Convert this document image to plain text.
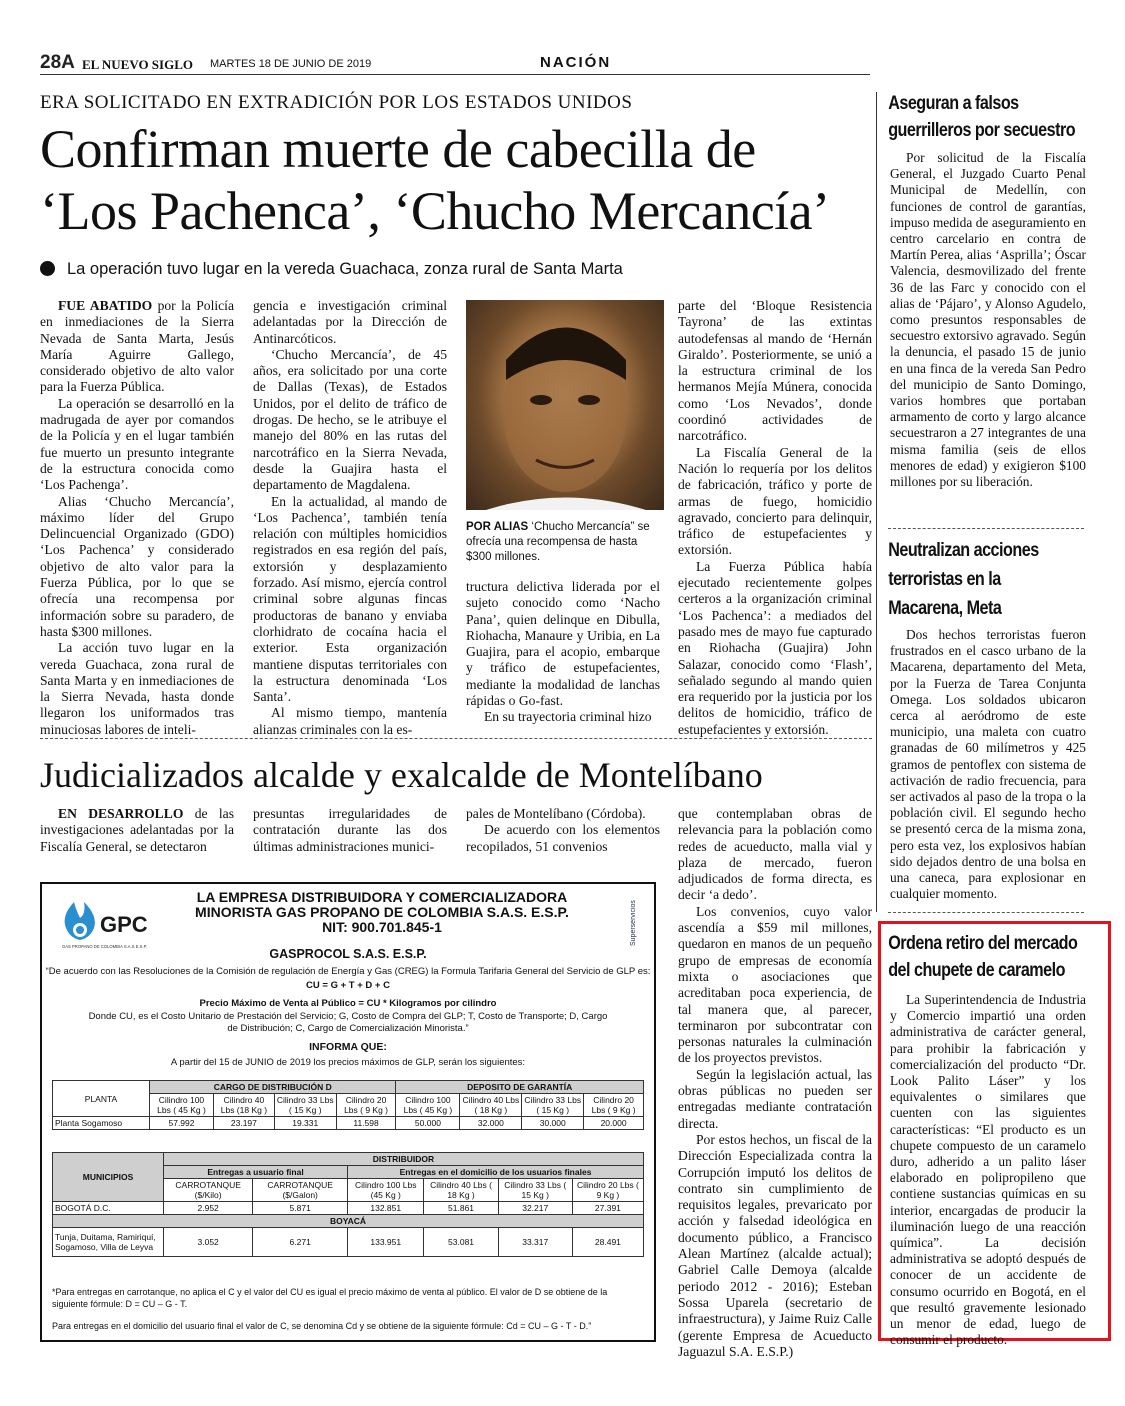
28A EL NUEVO SIGLO MARTES 18 DE JUNIO DE 2019	NACIÓN
ERA SOLICITADO EN EXTRADICIÓN POR LOS ESTADOS UNIDOS
Confirman muerte de cabecilla de
‘Los Pachenca’, ‘Chucho Mercancía’
La operación tuvo lugar en la vereda Guachaca, zonza rural de Santa Marta

FUE ABATIDO por la Policía en inmediaciones de la Sierra Nevada de Santa Marta, Jesús María Aguirre Gallego, considerado objetivo de alto valor para la Fuerza Pública.

La operación se desarrolló en la madrugada de ayer por comandos de la Policía y en el lugar también fue muerto un presunto integrante de la estructura conocida como ‘Los Pachenga’.

Alias ‘Chucho Mercancía’, máximo líder del Grupo Delincuencial Organizado (GDO) ‘Los Pachenca’ y considerado objetivo de alto valor para la Fuerza Pública, por lo que se ofrecía una recompensa por información sobre su paradero, de hasta $300 millones.

La acción tuvo lugar en la vereda Guachaca, zona rural de Santa Marta y en inmediaciones de la Sierra Nevada, hasta donde llegaron los uniformados tras minuciosas labores de inteli-

gencia e investigación criminal adelantadas por la Dirección de Antinarcóticos.

‘Chucho Mercancía’, de 45 años, era solicitado por una corte de Dallas (Texas), de Estados Unidos, por el delito de tráfico de drogas. De hecho, se le atribuye el manejo del 80% en las rutas del narcotráfico en la Sierra Nevada, desde la Guajira hasta el departamento de Magdalena.

En la actualidad, al mando de ‘Los Pachenca’, también tenía relación con múltiples homicidios registrados en esa región del país, extorsión y desplazamiento forzado. Así mismo, ejercía control criminal sobre algunas fincas productoras de banano y enviaba clorhidrato de cocaína hacia el exterior. Esta organización mantiene disputas territoriales con la estructura denominada ‘Los Santa’.

Al mismo tiempo, mantenía alianzas criminales con la es-

POR ALIAS ‘Chucho Mercancía” se ofrecía una recompensa de hasta $300 millones.

tructura delictiva liderada por el sujeto conocido como ‘Nacho Pana’, quien delinque en Dibulla, Riohacha, Manaure y Uribia, en La Guajira, para el acopio, embarque y tráfico de estupefacientes, mediante la modalidad de lanchas rápidas o Go-fast.

En su trayectoria criminal hizo

parte del ‘Bloque Resistencia Tayrona’ de las extintas autodefensas al mando de ‘Hernán Giraldo’. Posteriormente, se unió a la estructura criminal de los hermanos Mejía Múnera, conocida como ‘Los Nevados’, donde coordinó actividades de narcotráfico.

La Fiscalía General de la Nación lo requería por los delitos de fabricación, tráfico y porte de armas de fuego, homicidio agravado, concierto para delinquir, tráfico de estupefacientes y extorsión.

La Fuerza Pública había ejecutado recientemente golpes certeros a la organización criminal ‘Los Pachenca’: a mediados del pasado mes de mayo fue capturado en Riohacha (Guajira) John Salazar, conocido como ‘Flash’, señalado segundo al mando quien era requerido por la justicia por los delitos de homicidio, tráfico de estupefacientes y extorsión.

Judicializados alcalde y exalcalde de Montelíbano

EN DESARROLLO de las investigaciones adelantadas por la Fiscalía General, se detectaron

presuntas irregularidades de contratación durante las dos últimas administraciones munici-

pales de Montelíbano (Córdoba).

De acuerdo con los elementos recopilados, 51 convenios

que contemplaban obras de relevancia para la población como redes de acueducto, malla vial y plaza de mercado, fueron adjudicados de forma directa, es decir ‘a dedo’.

Los convenios, cuyo valor ascendía a $59 mil millones, quedaron en manos de un pequeño grupo de empresas de economía mixta o asociaciones que acreditaban poca experiencia, de tal manera que, al parecer, terminaron por subcontratar con personas naturales la culminación de los proyectos previstos.

Según la legislación actual, las obras públicas no pueden ser entregadas mediante contratación directa.

Por estos hechos, un fiscal de la Dirección Especializada contra la Corrupción imputó los delitos de contrato sin cumplimiento de requisitos legales, prevaricato por acción y falsedad ideológica en documento público, a Francisco Alean Martínez (alcalde actual); Gabriel Calle Demoya (alcalde periodo 2012 - 2016); Esteban Sossa Uparela (secretario de infraestructura), y Jaime Ruiz Calle (gerente Empresa de Acueducto Jaguazul S.A. E.S.P.)

GPC
GAS PROPANO DE COLOMBIA S.A.S E.S.P.
Superservicios
LA EMPRESA DISTRIBUIDORA Y COMERCIALIZADORA
MINORISTA GAS PROPANO DE COLOMBIA S.A.S. E.S.P.
NIT: 900.701.845-1
GASPROCOL S.A.S. E.S.P.
“De acuerdo con las Resoluciones de la Comisión de regulación de Energía y Gas (CREG) la Formula Tarifaria General del Servicio de GLP es:
CU = G + T + D + C
Precio Máximo de Venta al Público = CU * Kilogramos por cilindro
Donde CU, es el Costo Unitario de Prestación del Servicio; G, Costo de Compra del GLP; T, Costo de Transporte; D, Cargo de Distribución; C, Cargo de Comercialización Minorista.”
INFORMA QUE:
A partir del 15 de JUNIO de 2019 los precios máximos de GLP, serán los siguientes:
PLANTA	CARGO DE DISTRIBUCIÓN D				DEPOSITO DE GARANTÍA			
	Cilindro 100 Lbs ( 45 Kg )	Cilindro 40 Lbs (18 Kg )	Cilindro 33 Lbs ( 15 Kg )	Cilindro 20 Lbs ( 9 Kg )	Cilindro 100 Lbs ( 45 Kg )	Cilindro 40 Lbs ( 18 Kg )	Cilindro 33 Lbs ( 15 Kg )	Cilindro 20 Lbs ( 9 Kg )
Planta Sogamoso	57.992	23.197	19.331	11.598	50.000	32.000	30.000	20.000
MUNICIPIOS	DISTRIBUIDOR					
	Entregas a usuario final		Entregas en el domicilio de los usuarios finales			
	CARROTANQUE ($/Kilo)	CARROTANQUE ($/Galon)	Cilindro 100 Lbs (45 Kg )	Cilindro 40 Lbs ( 18 Kg )	Cilindro 33 Lbs ( 15 Kg )	Cilindro 20 Lbs ( 9 Kg )
BOGOTÁ D.C.	2.952	5.871	132.851	51.861	32.217	27.391
BOYACÁ						
Tunja, Duitama, Ramiriquí, Sogamoso, Villa de Leyva	3.052	6.271	133.951	53.081	33.317	28.491
*Para entregas en carrotanque, no aplica el C y el valor del CU es igual el precio máximo de venta al público. El valor de D se obtiene de la siguiente fórmule: D = CU – G - T.
Para entregas en el domicilio del usuario final el valor de C, se denomina Cd y se obtiene de la siguiente fórmule: Cd = CU – G - T - D.”
Aseguran a falsos
guerrilleros por secuestro

Por solicitud de la Fiscalía General, el Juzgado Cuarto Penal Municipal de Medellín, con funciones de control de garantías, impuso medida de aseguramiento en centro carcelario en contra de Martín Perea, alias ‘Asprilla’; Óscar Valencia, desmovilizado del frente 36 de las Farc y conocido con el alias de ‘Pájaro’, y Alonso Agudelo, como presuntos responsables de secuestro extorsivo agravado. Según la denuncia, el pasado 15 de junio en una finca de la vereda San Pedro del municipio de Santo Domingo, varios hombres que portaban armamento de corto y largo alcance secuestraron a 27 integrantes de una misma familia (seis de ellos menores de edad) y exigieron $100 millones por su liberación.

Neutralizan acciones
terroristas en la
Macarena, Meta

Dos hechos terroristas fueron frustrados en el casco urbano de la Macarena, departamento del Meta, por la Fuerza de Tarea Conjunta Omega. Los soldados ubicaron cerca al aeródromo de este municipio, una maleta con cuatro granadas de 60 milímetros y 425 gramos de pentoflex con sistema de activación de radio frecuencia, para ser activados al paso de la tropa o la población civil. El segundo hecho se presentó cerca de la misma zona, pero esta vez, los explosivos habían sido dejados dentro de una bolsa en una caneca, para explosionar en cualquier momento.

Ordena retiro del mercado
del chupete de caramelo

La Superintendencia de Industria y Comercio impartió una orden administrativa de carácter general, para prohibir la fabricación y comercialización del producto “Dr. Look Palito Láser” y los equivalentes o similares que cuenten con las siguientes características: “El producto es un chupete compuesto de un caramelo duro, adherido a un palito láser elaborado en polipropileno que contiene sustancias químicas en su interior, encargadas de producir la iluminación luego de una reacción química”. La decisión administrativa se adoptó después de conocer de un accidente de consumo ocurrido en Bogotá, en el que resultó gravemente lesionado un menor de edad, luego de consumir el producto.
